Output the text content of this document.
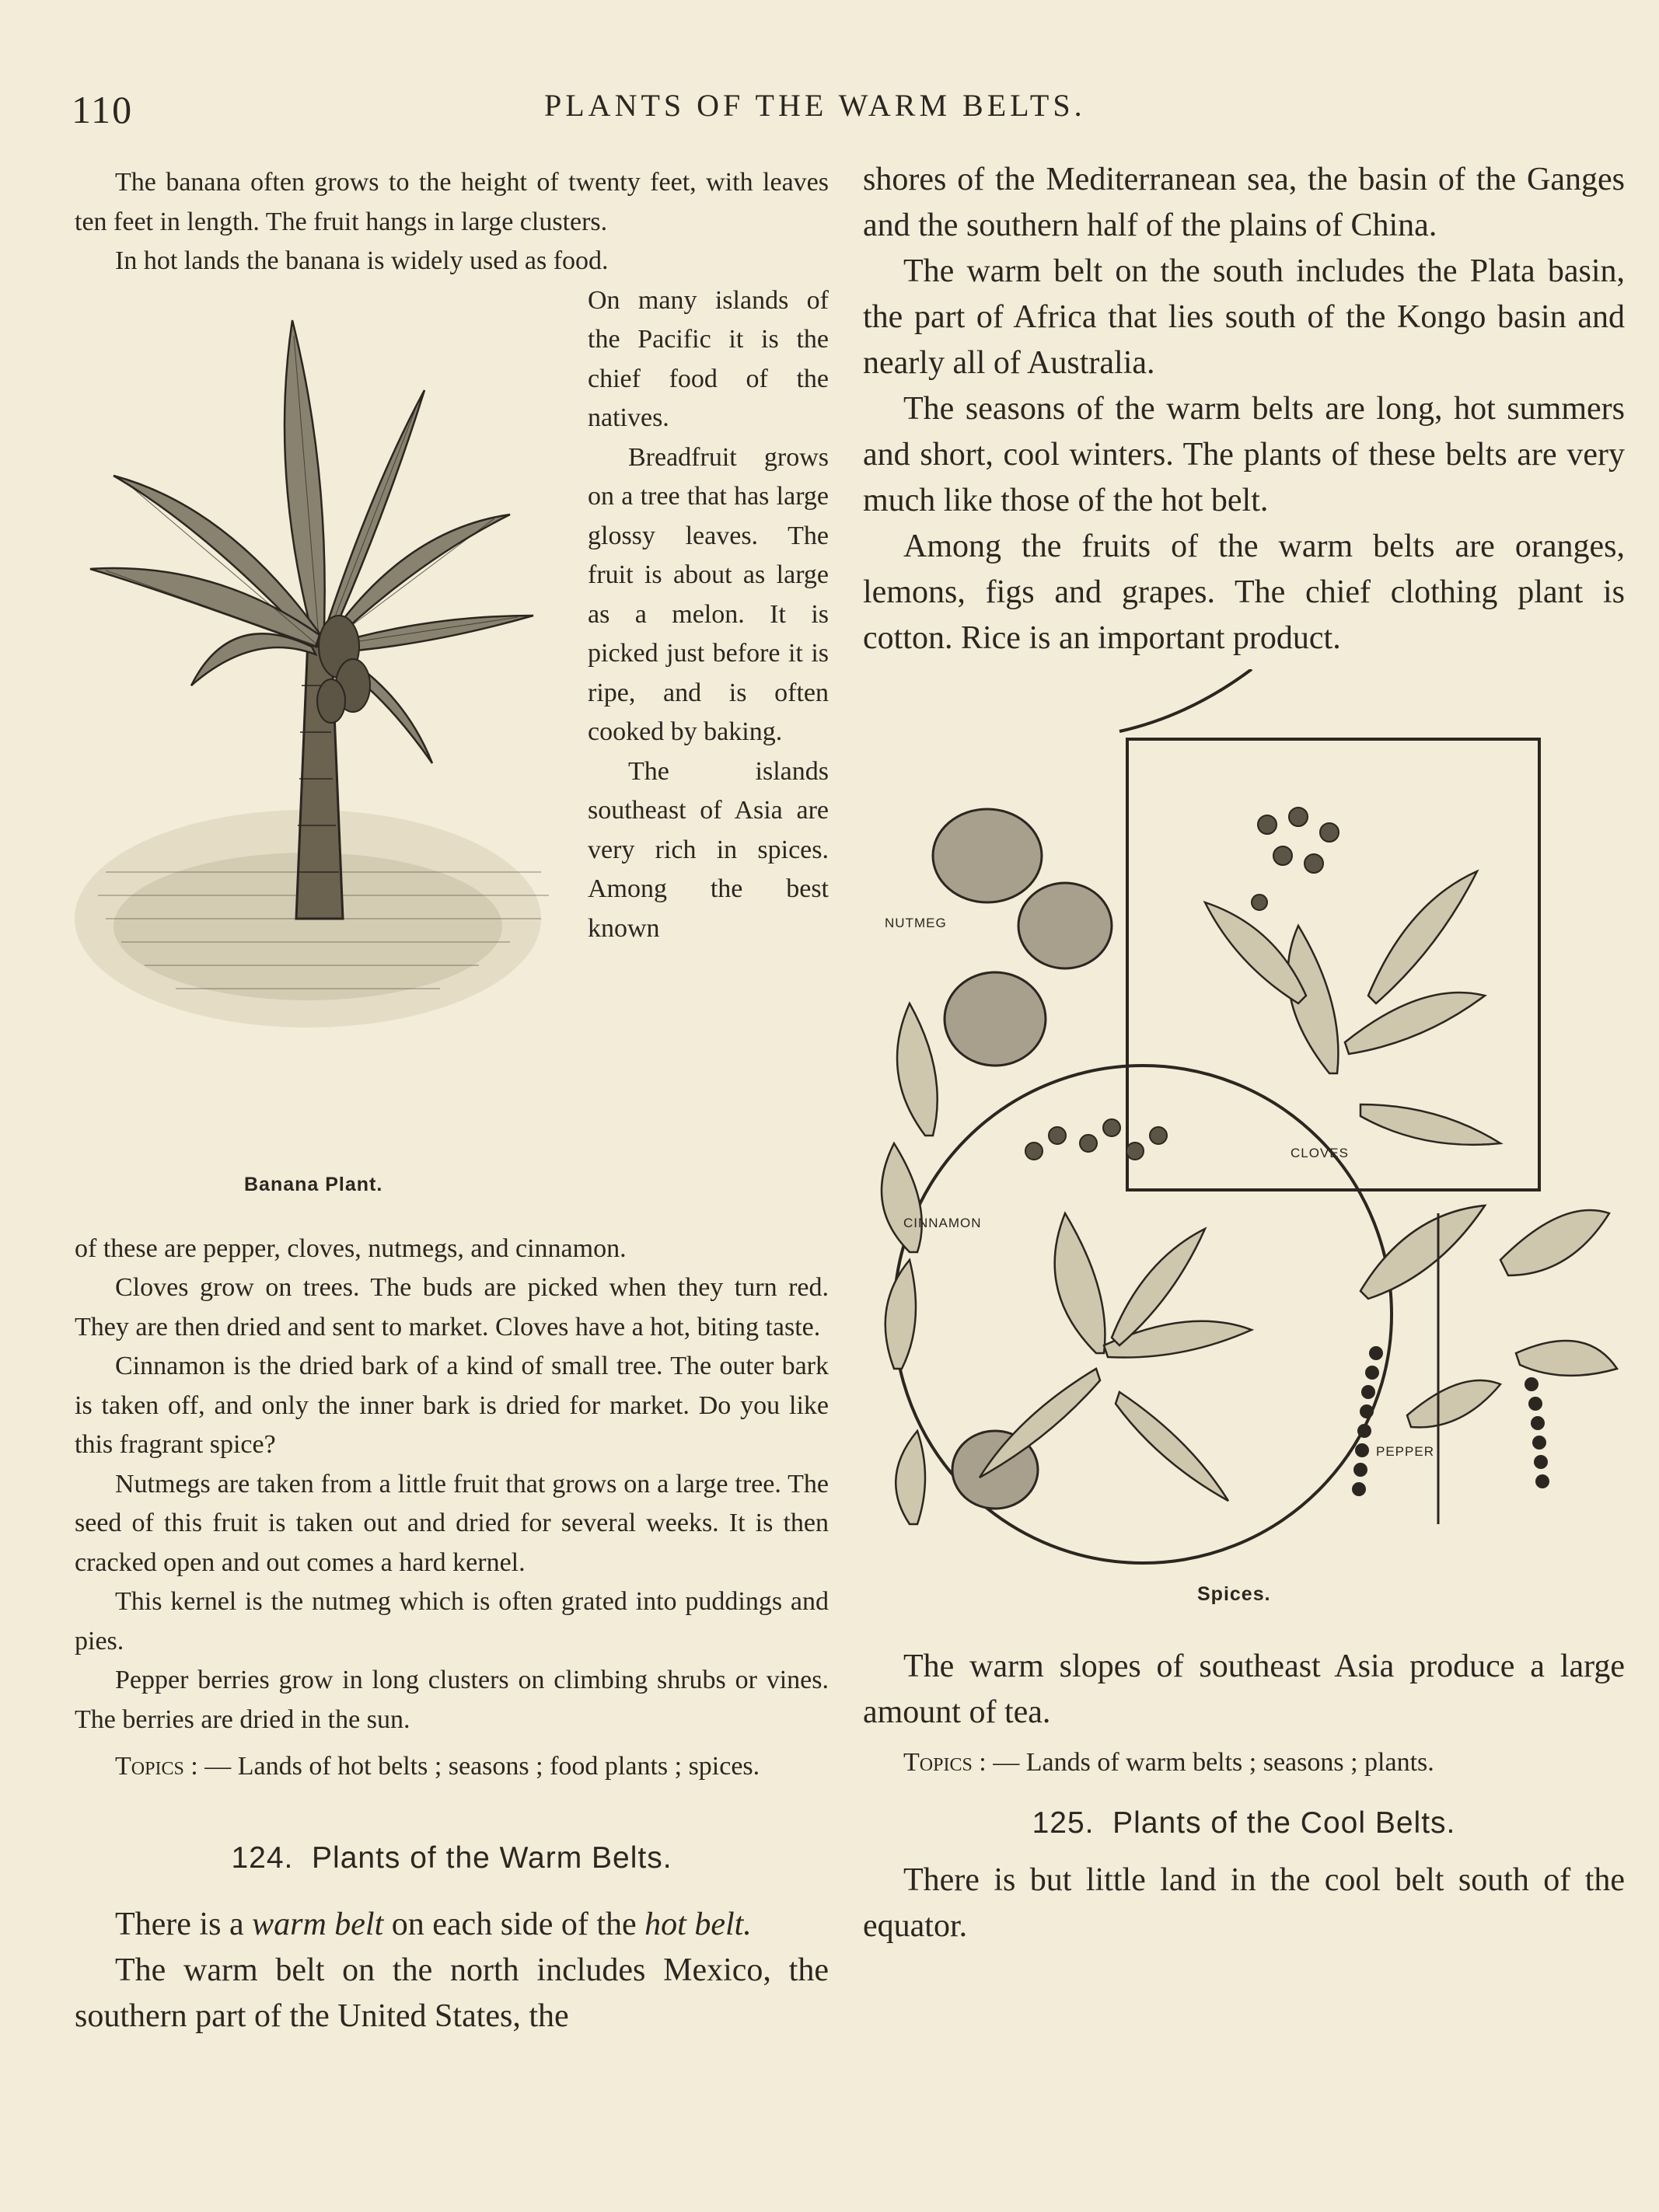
110	PLANTS OF THE WARM BELTS.

The banana often grows to the height of twenty feet, with leaves ten feet in length. The fruit hangs in large clusters.

In hot lands the banana is widely used as food.

Banana Plant.

On many islands of the Pacific it is the chief food of the natives.

Breadfruit grows on a tree that has large glossy leaves. The fruit is about as large as a melon. It is picked just before it is ripe, and is often cooked by baking.

The islands southeast of Asia are very rich in spices. Among the best known

of these are pepper, cloves, nutmegs, and cinnamon.

Cloves grow on trees. The buds are picked when they turn red. They are then dried and sent to market. Cloves have a hot, biting taste.

Cinnamon is the dried bark of a kind of small tree. The outer bark is taken off, and only the inner bark is dried for market. Do you like this fragrant spice?

Nutmegs are taken from a little fruit that grows on a large tree. The seed of this fruit is taken out and dried for several weeks. It is then cracked open and out comes a hard kernel.

This kernel is the nutmeg which is often grated into puddings and pies.

Pepper berries grow in long clusters on climbing shrubs or vines. The berries are dried in the sun.

Topics : — Lands of hot belts ; seasons ; food plants ; spices.

124. Plants of the Warm Belts.

There is a warm belt on each side of the hot belt.

The warm belt on the north includes Mexico, the southern part of the United States, the

shores of the Mediterranean sea, the basin of the Ganges and the southern half of the plains of China.

The warm belt on the south includes the Plata basin, the part of Africa that lies south of the Kongo basin and nearly all of Australia.

The seasons of the warm belts are long, hot summers and short, cool winters. The plants of these belts are very much like those of the hot belt.

Among the fruits of the warm belts are oranges, lemons, figs and grapes. The chief clothing plant is cotton. Rice is an important product.

NUTMEG
CLOVES
CINNAMON
PEPPER
Spices.

The warm slopes of southeast Asia produce a large amount of tea.

Topics : — Lands of warm belts ; seasons ; plants.

125. Plants of the Cool Belts.

There is but little land in the cool belt south of the equator.
